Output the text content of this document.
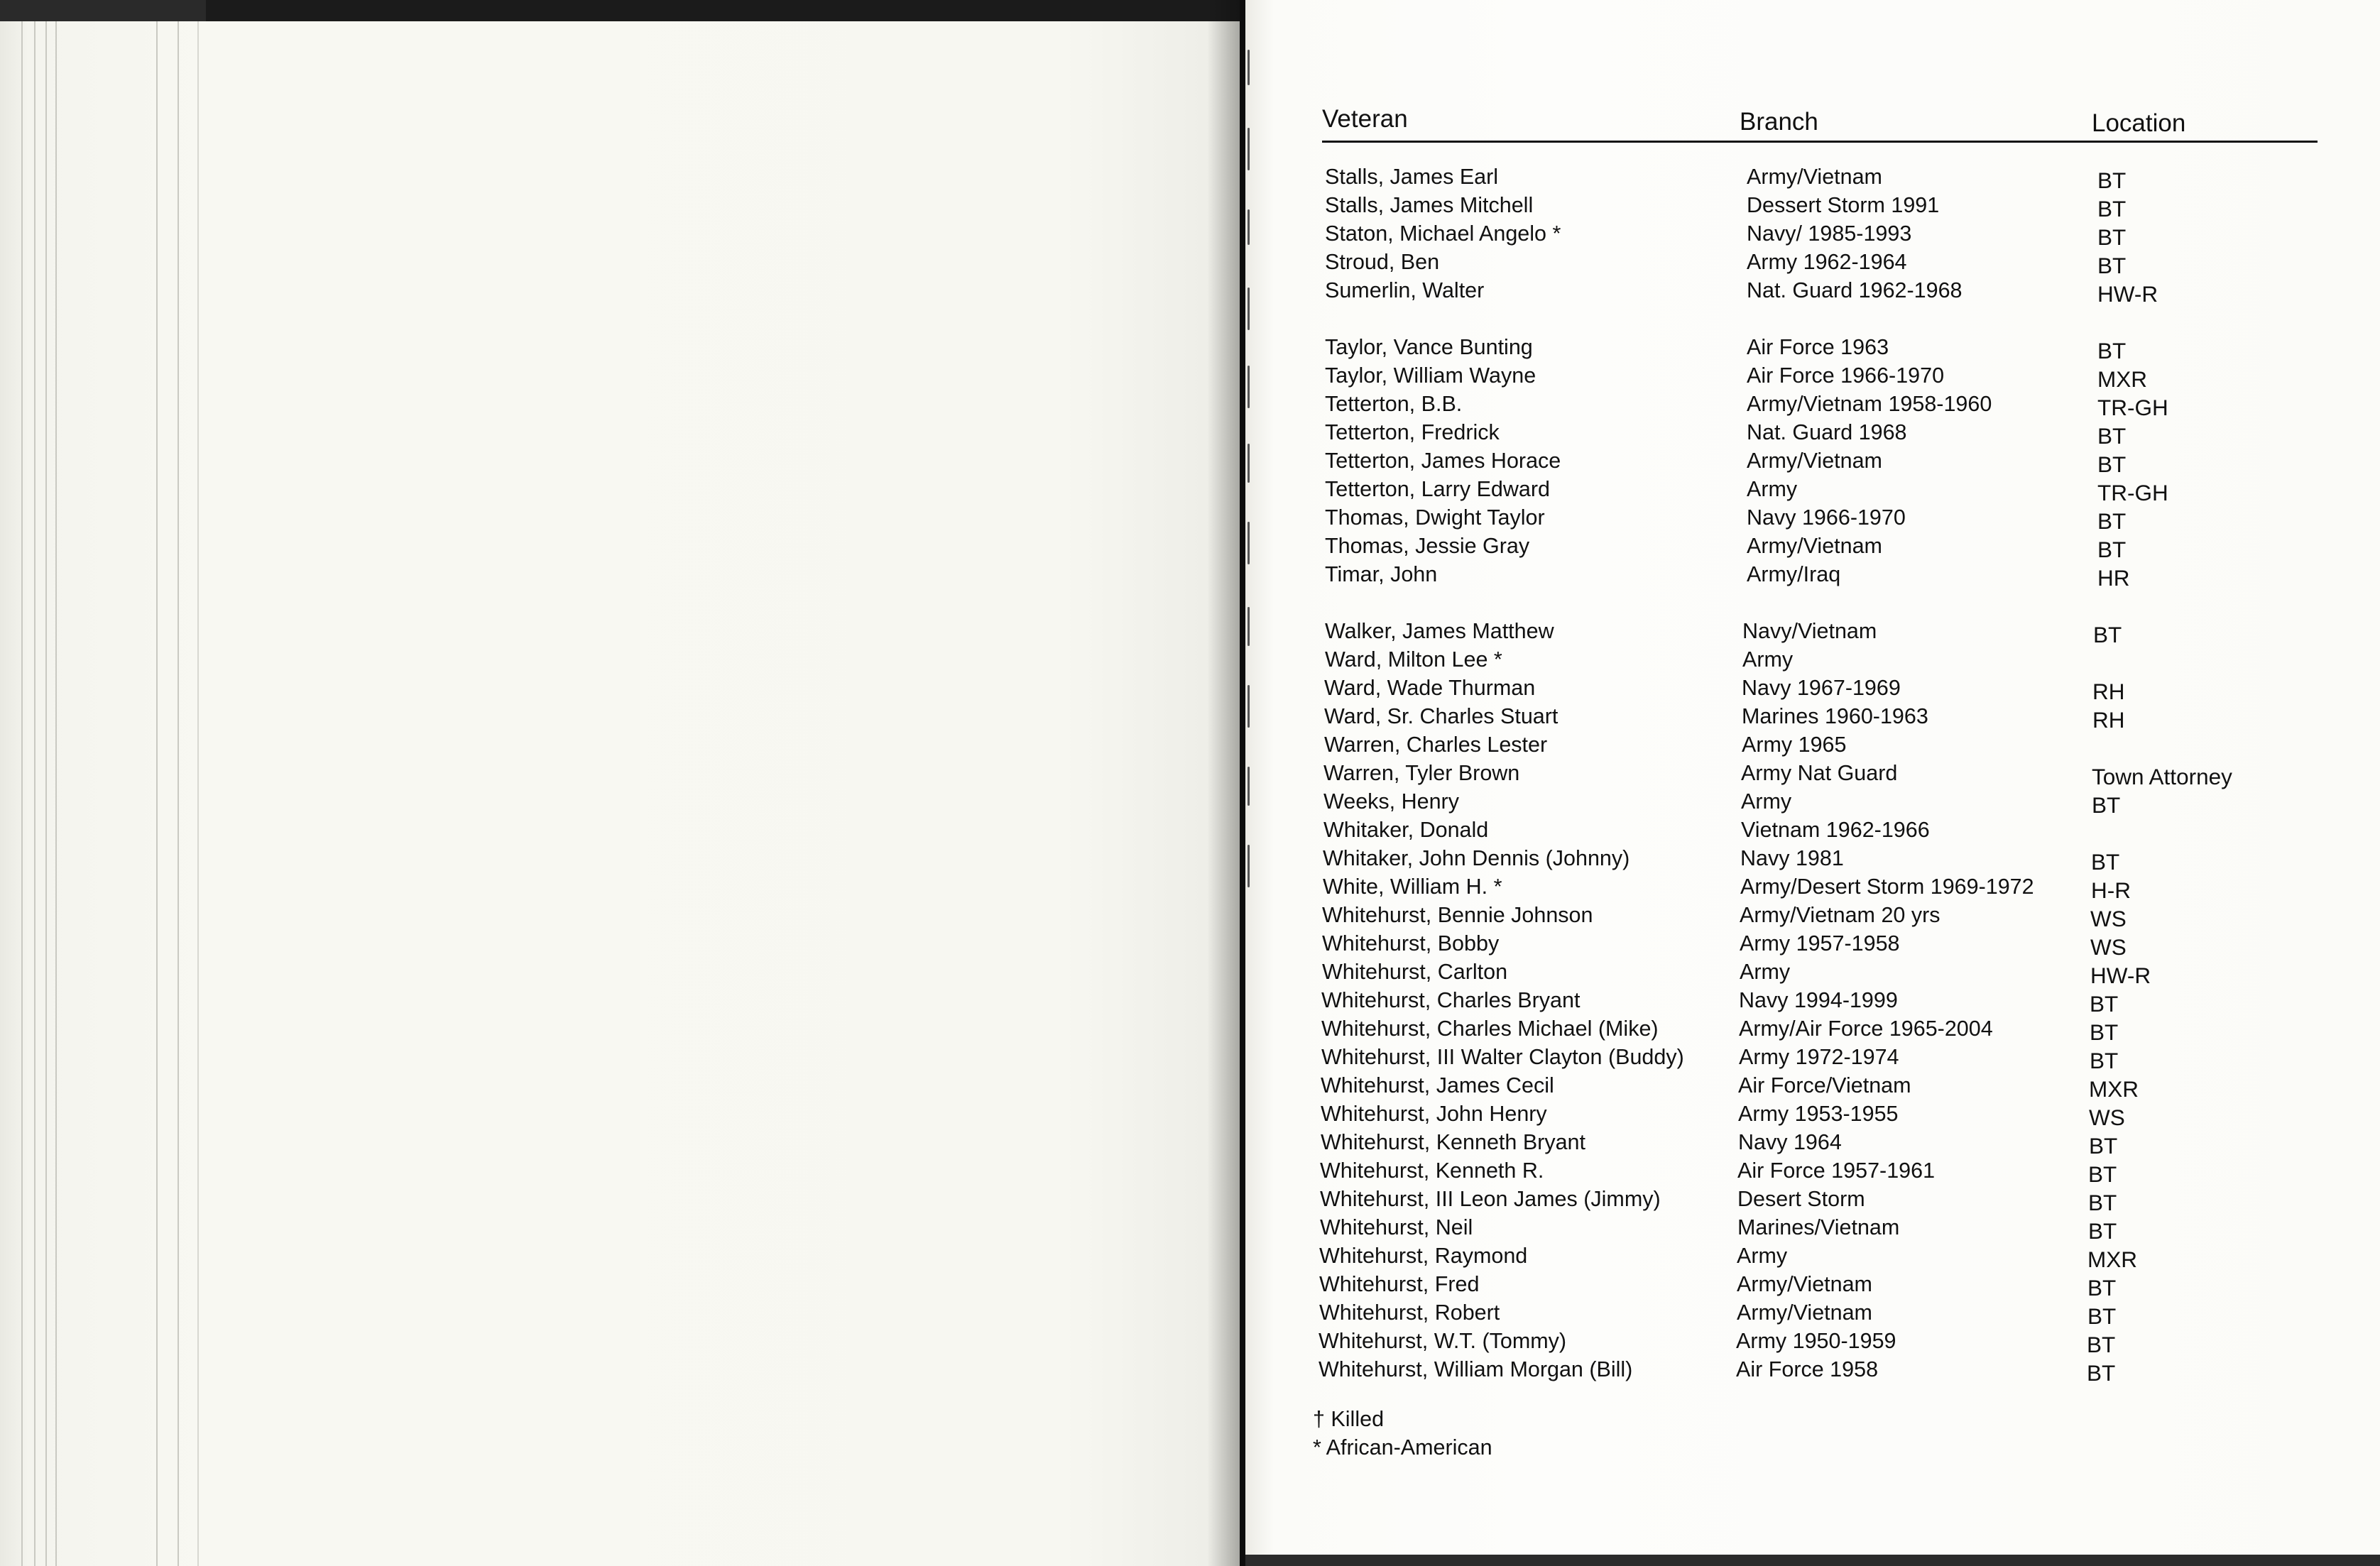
Veteran	Branch	Location
Stalls, James Earl	Army/Vietnam	BT
Stalls, James Mitchell	Dessert Storm 1991	BT
Staton, Michael Angelo *	Navy/ 1985-1993	BT
Stroud, Ben	Army 1962-1964	BT
Sumerlin, Walter	Nat. Guard 1962-1968	HW-R
Taylor, Vance Bunting	Air Force 1963	BT
Taylor, William Wayne	Air Force 1966-1970	MXR
Tetterton, B.B.	Army/Vietnam 1958-1960	TR-GH
Tetterton, Fredrick	Nat. Guard 1968	BT
Tetterton, James Horace	Army/Vietnam	BT
Tetterton, Larry Edward	Army	TR-GH
Thomas, Dwight Taylor	Navy 1966-1970	BT
Thomas, Jessie Gray	Army/Vietnam	BT
Timar, John	Army/Iraq	HR
Walker, James Matthew	Navy/Vietnam	BT
Ward, Milton Lee *	Army
Ward, Wade Thurman	Navy 1967-1969	RH
Ward, Sr. Charles Stuart	Marines 1960-1963	RH
Warren, Charles Lester	Army 1965
Warren, Tyler Brown	Army Nat Guard	Town Attorney
Weeks, Henry	Army	BT
Whitaker, Donald	Vietnam 1962-1966
Whitaker, John Dennis (Johnny)	Navy 1981	BT
White, William H. *	Army/Desert Storm 1969-1972	H-R
Whitehurst, Bennie Johnson	Army/Vietnam 20 yrs	WS
Whitehurst, Bobby	Army 1957-1958	WS
Whitehurst, Carlton	Army	HW-R
Whitehurst, Charles Bryant	Navy 1994-1999	BT
Whitehurst, Charles Michael (Mike)	Army/Air Force 1965-2004	BT
Whitehurst, III Walter Clayton (Buddy)	Army 1972-1974	BT
Whitehurst, James Cecil	Air Force/Vietnam	MXR
Whitehurst, John Henry	Army 1953-1955	WS
Whitehurst, Kenneth Bryant	Navy 1964	BT
Whitehurst, Kenneth R.	Air Force 1957-1961	BT
Whitehurst, III Leon James (Jimmy)	Desert Storm	BT
Whitehurst, Neil	Marines/Vietnam	BT
Whitehurst, Raymond	Army	MXR
Whitehurst, Fred	Army/Vietnam	BT
Whitehurst, Robert	Army/Vietnam	BT
Whitehurst, W.T. (Tommy)	Army 1950-1959	BT
Whitehurst, William Morgan (Bill)	Air Force 1958	BT
† Killed
* African-American
